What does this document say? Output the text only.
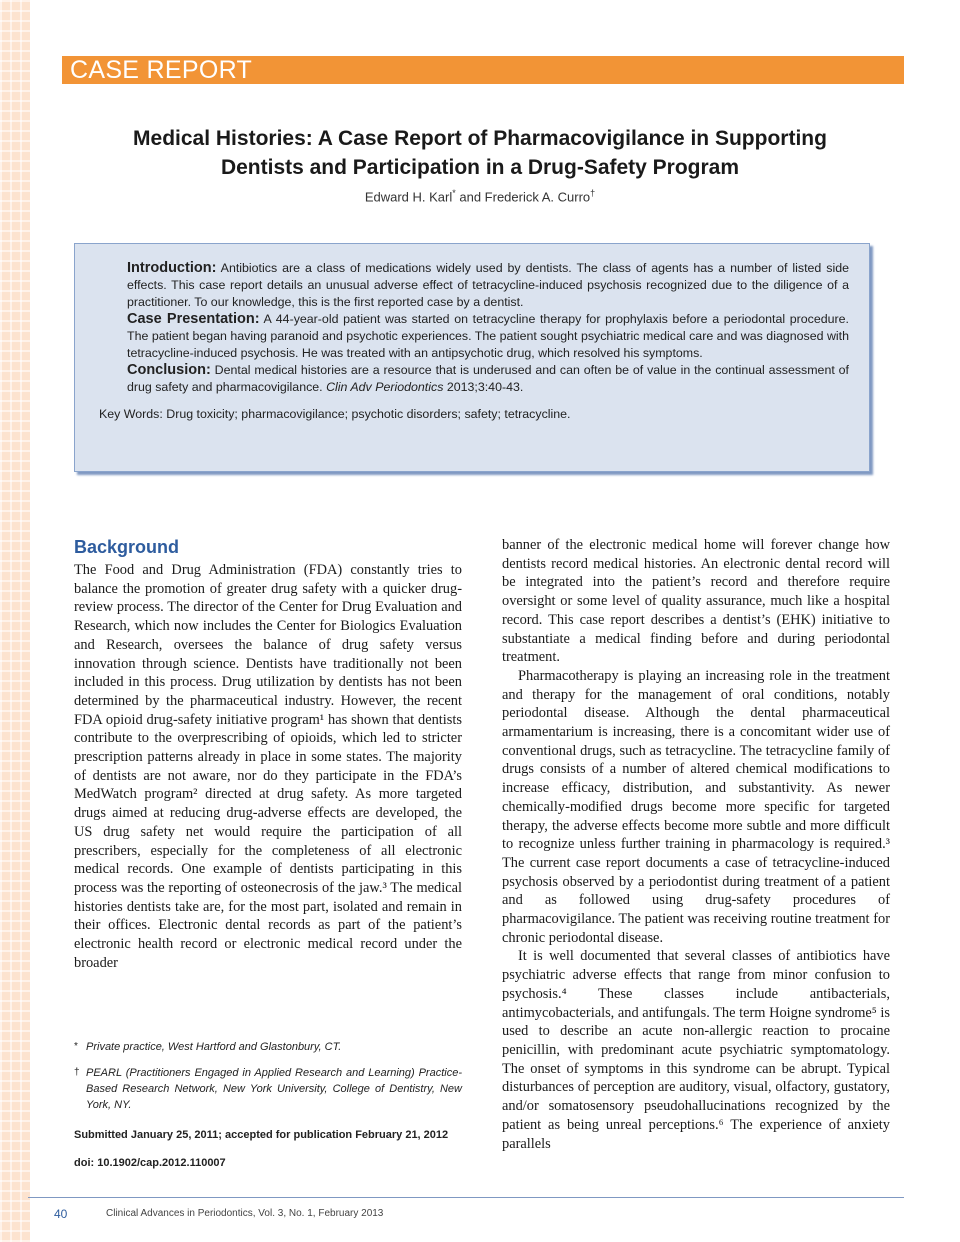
CASE REPORT
Medical Histories: A Case Report of Pharmacovigilance in Supporting
Dentists and Participation in a Drug-Safety Program
Edward H. Karl* and Frederick A. Curro†

Introduction: Antibiotics are a class of medications widely used by dentists. The class of agents has a number of listed side effects. This case report details an unusual adverse effect of tetracycline-induced psychosis recognized due to the diligence of a practitioner. To our knowledge, this is the first reported case by a dentist.

Case Presentation: A 44-year-old patient was started on tetracycline therapy for prophylaxis before a periodontal procedure. The patient began having paranoid and psychotic experiences. The patient sought psychiatric medical care and was diagnosed with tetracycline-induced psychosis. He was treated with an antipsychotic drug, which resolved his symptoms.

Conclusion: Dental medical histories are a resource that is underused and can often be of value in the continual assessment of drug safety and pharmacovigilance. Clin Adv Periodontics 2013;3:40-43.

Key Words: Drug toxicity; pharmacovigilance; psychotic disorders; safety; tetracycline.

Background

The Food and Drug Administration (FDA) constantly tries to balance the promotion of greater drug safety with a quicker drug-review process. The director of the Center for Drug Evaluation and Research, which now includes the Center for Biologics Evaluation and Research, oversees the balance of drug safety versus innovation through science. Dentists have traditionally not been included in this process. Drug utilization by dentists has not been determined by the pharmaceutical industry. However, the recent FDA opioid drug-safety initiative program¹ has shown that dentists contribute to the overprescribing of opioids, which led to stricter prescription patterns already in place in some states. The majority of dentists are not aware, nor do they participate in the FDA’s MedWatch program² directed at drug safety. As more targeted drugs aimed at reducing drug-adverse effects are developed, the US drug safety net would require the participation of all prescribers, especially for the completeness of all electronic medical records. One example of dentists participating in this process was the reporting of osteonecrosis of the jaw.³ The medical histories dentists take are, for the most part, isolated and remain in their offices. Electronic dental records as part of the patient’s electronic health record or electronic medical record under the broader

banner of the electronic medical home will forever change how dentists record medical histories. An electronic dental record will be integrated into the patient’s record and therefore require oversight or some level of quality assurance, much like a hospital record. This case report describes a dentist’s (EHK) initiative to substantiate a medical finding before and during periodontal treatment.

Pharmacotherapy is playing an increasing role in the treatment and therapy for the management of oral conditions, notably periodontal disease. Although the dental pharmaceutical armamentarium is increasing, there is a concomitant wider use of conventional drugs, such as tetracycline. The tetracycline family of drugs consists of a number of altered chemical modifications to increase efficacy, distribution, and substantivity. As newer chemically-modified drugs become more specific for targeted therapy, the adverse effects become more subtle and more difficult to recognize unless further training in pharmacology is required.³ The current case report documents a case of tetracycline-induced psychosis observed by a periodontist during treatment of a patient and as followed using drug-safety procedures of pharmacovigilance. The patient was receiving routine treatment for chronic periodontal disease.

It is well documented that several classes of antibiotics have psychiatric adverse effects that range from minor confusion to psychosis.⁴ These classes include antibacterials, antimycobacterials, and antifungals. The term Hoigne syndrome⁵ is used to describe an acute non-allergic reaction to procaine penicillin, with predominant acute psychiatric symptomatology. The onset of symptoms in this syndrome can be abrupt. Typical disturbances of perception are auditory, visual, olfactory, gustatory, and/or somatosensory pseudohallucinations recognized by the patient as being unreal perceptions.⁶ The experience of anxiety parallels

* Private practice, West Hartford and Glastonbury, CT.
† PEARL (Practitioners Engaged in Applied Research and Learning) Practice-Based Research Network, New York University, College of Dentistry, New York, NY.
Submitted January 25, 2011; accepted for publication February 21, 2012
doi: 10.1902/cap.2012.110007
40	Clinical Advances in Periodontics, Vol. 3, No. 1, February 2013
